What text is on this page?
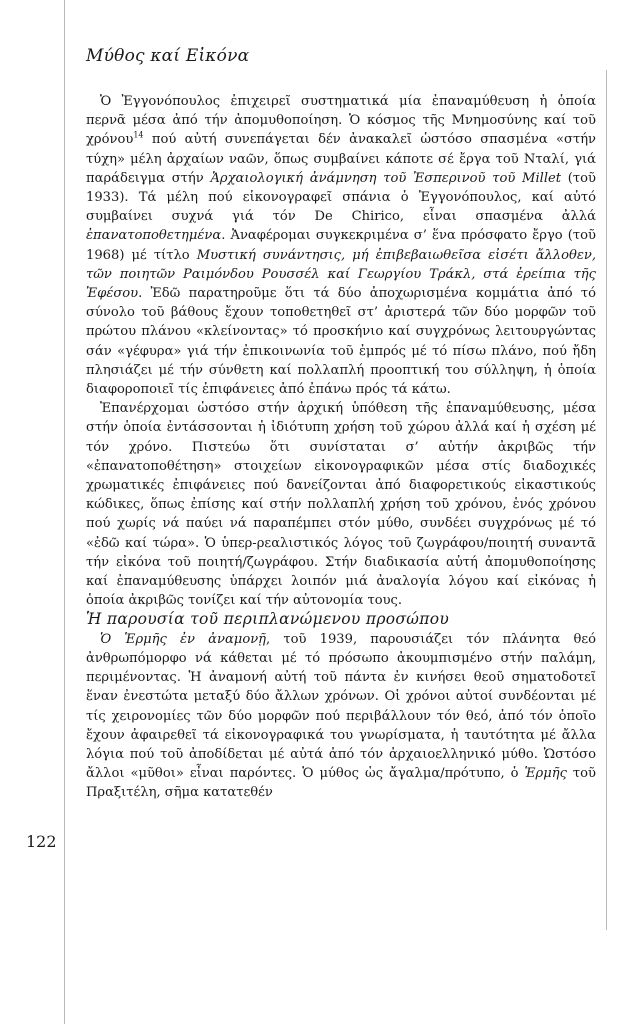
Μύθος καί Εἰκόνα
122

Ὁ Ἐγγονόπουλος ἐπιχειρεῖ συστηματικά μία ἐπαναμύθευση ἡ ὁποία περνᾶ μέσα ἀπό τήν ἀπομυθοποίηση. Ὁ κόσμος τῆς Μνημοσύνης καί τοῦ χρόνου$^{14}$ πού αὐτή συνεπάγεται δέν ἀνακαλεῖ ὡστόσο σπασμένα «στήν τύχη» μέλη ἀρχαίων ναῶν, ὅπως συμβαίνει κάποτε σέ ἔργα τοῦ Νταλί, γιά παράδειγμα στήν Ἀρχαιολογική ἀνάμνηση τοῦ Ἐσπερινοῦ τοῦ Millet (τοῦ 1933). Τά μέλη πού εἰκονογραφεῖ σπάνια ὁ Ἐγγονόπουλος, καί αὐτό συμβαίνει συχνά γιά τόν De Chirico, εἶναι σπασμένα ἀλλά ἐπανατοποθετημένα. Ἀναφέρομαι συγκεκριμένα σ’ ἕνα πρόσφατο ἔργο (τοῦ 1968) μέ τίτλο Μυστική συνάντησις, μή ἐπιβεβαιωθεῖσα εἰσέτι ἄλλοθεν, τῶν ποιητῶν Ραιμόνδου Ρουσσέλ καί Γεωργίου Τράκλ, στά ἐρείπια τῆς Ἐφέσου. Ἐδῶ παρατηροῦμε ὅτι τά δύο ἀποχωρισμένα κομμάτια ἀπό τό σύνολο τοῦ βάθους ἔχουν τοποθετηθεῖ στ’ ἀριστερά τῶν δύο μορφῶν τοῦ πρώτου πλάνου «κλείνοντας» τό προσκήνιο καί συγχρόνως λειτουργώντας σάν «γέφυρα» γιά τήν ἐπικοινωνία τοῦ ἐμπρός μέ τό πίσω πλάνο, πού ἤδη πλησιάζει μέ τήν σύνθετη καί πολλαπλή προοπτική του σύλληψη, ἡ ὁποία διαφοροποιεῖ τίς ἐπιφάνειες ἀπό ἐπάνω πρός τά κάτω.

Ἐπανέρχομαι ὡστόσο στήν ἀρχική ὑπόθεση τῆς ἐπαναμύθευσης, μέσα στήν ὁποία ἐντάσσονται ἡ ἰδιότυπη χρήση τοῦ χώρου ἀλλά καί ἡ σχέση μέ τόν χρόνο. Πιστεύω ὅτι συνίσταται σ’ αὐτήν ἀκριβῶς τήν «ἐπανατοποθέτηση» στοιχείων εἰκονογραφικῶν μέσα στίς διαδοχικές χρωματικές ἐπιφάνειες πού δανείζονται ἀπό διαφορετικούς εἰκαστικούς κώδικες, ὅπως ἐπίσης καί στήν πολλαπλή χρήση τοῦ χρόνου, ἑνός χρόνου πού χωρίς νά παύει νά παραπέμπει στόν μύθο, συνδέει συγχρόνως μέ τό «ἐδῶ καί τώρα». Ὁ ὑπερ-ρεαλιστικός λόγος τοῦ ζωγράφου/ποιητή συναντᾶ τήν εἰκόνα τοῦ ποιητή/ζωγράφου. Στήν διαδικασία αὐτή ἀπομυθοποίησης καί ἐπαναμύθευσης ὑπάρχει λοιπόν μιά ἀναλογία λόγου καί εἰκόνας ἡ ὁποία ἀκριβῶς τονίζει καί τήν αὐτονομία τους.

Ἡ παρουσία τοῦ περιπλανώμενου προσώπου

Ὁ Ἑρμῆς ἐν ἀναμονῇ, τοῦ 1939, παρουσιάζει τόν πλάνητα θεό ἀνθρωπόμορφο νά κάθεται μέ τό πρόσωπο ἀκουμπισμένο στήν παλάμη, περιμένοντας. Ἡ ἀναμονή αὐτή τοῦ πάντα ἐν κινήσει θεοῦ σηματοδοτεῖ ἕναν ἐνεστώτα μεταξύ δύο ἄλλων χρόνων. Οἱ χρόνοι αὐτοί συνδέονται μέ τίς χειρονομίες τῶν δύο μορφῶν πού περιβάλλουν τόν θεό, ἀπό τόν ὁποῖο ἔχουν ἀφαιρεθεῖ τά εἰκονογραφικά του γνωρίσματα, ἡ ταυτότητα μέ ἄλλα λόγια πού τοῦ ἀποδίδεται μέ αὐτά ἀπό τόν ἀρχαιοελληνικό μύθο. Ὡστόσο ἄλλοι «μῦθοι» εἶναι παρόντες. Ὁ μύθος ὡς ἄγαλμα/πρότυπο, ὁ Ἑρμῆς τοῦ Πραξιτέλη, σῆμα κατατεθέν
